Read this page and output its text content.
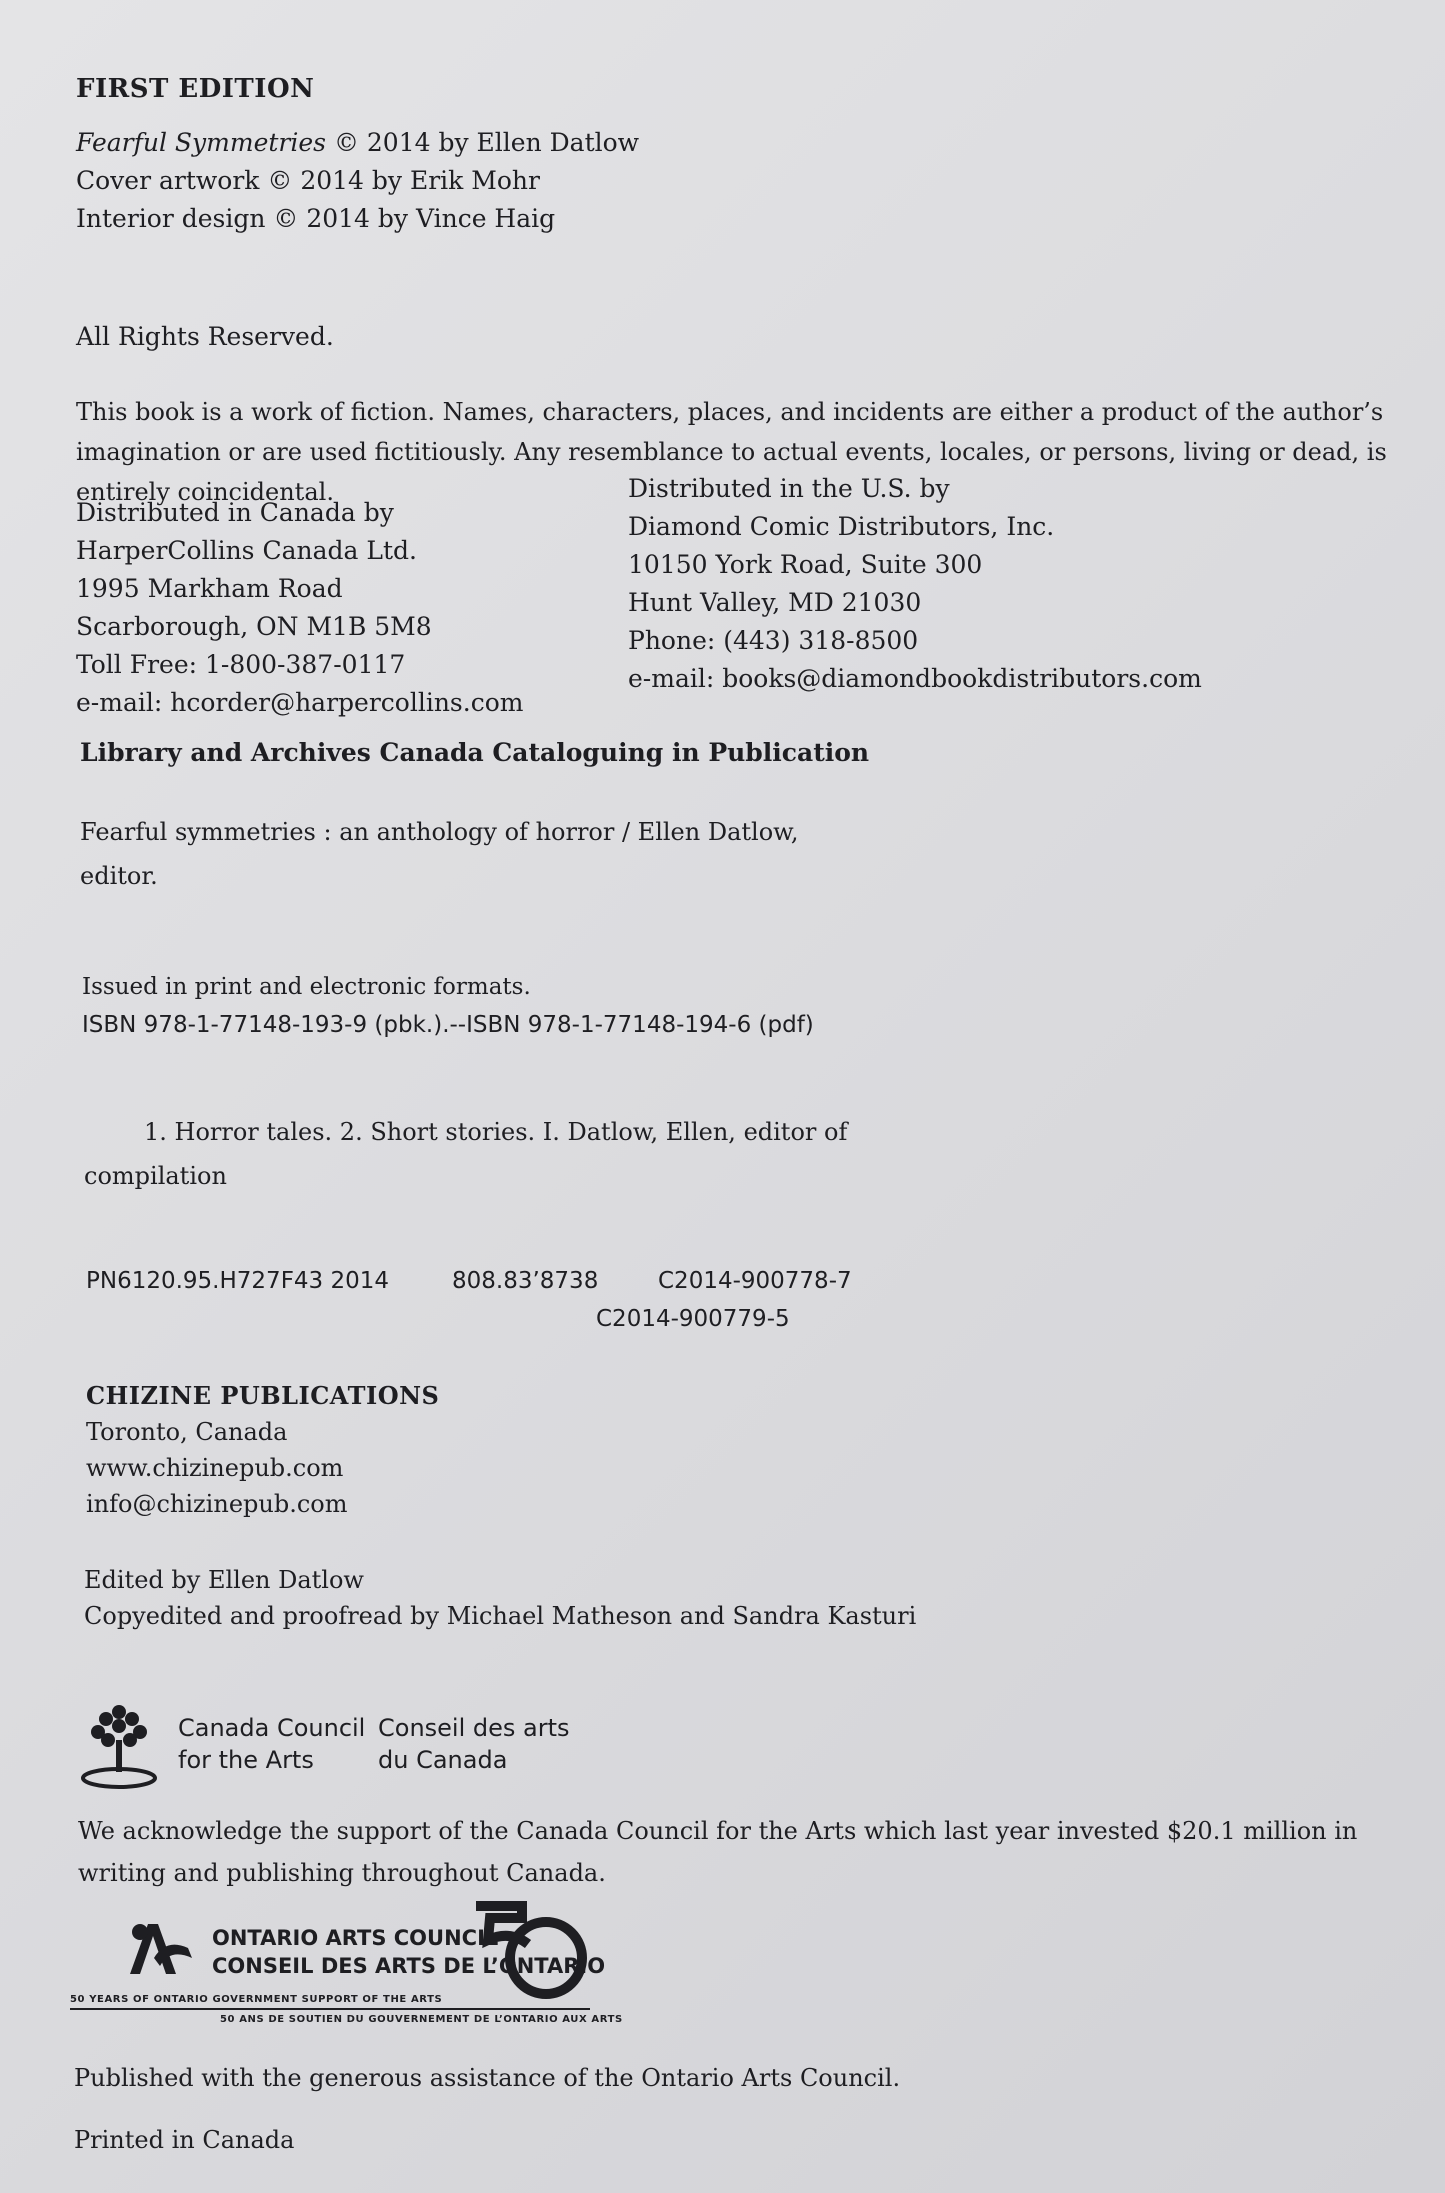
FIRST EDITION
Fearful Symmetries © 2014 by Ellen Datlow
Cover artwork © 2014 by Erik Mohr
Interior design © 2014 by Vince Haig
All Rights Reserved.
This book is a work of fiction. Names, characters, places, and incidents are either a product of the author’s imagination or are used fictitiously. Any resemblance to actual events, locales, or persons, living or dead, is entirely coincidental.
Distributed in Canada by
HarperCollins Canada Ltd.
1995 Markham Road
Scarborough, ON M1B 5M8
Toll Free: 1-800-387-0117
e-mail: hcorder@harpercollins.com
Distributed in the U.S. by
Diamond Comic Distributors, Inc.
10150 York Road, Suite 300
Hunt Valley, MD 21030
Phone: (443) 318-8500
e-mail: books@diamondbookdistributors.com
Library and Archives Canada Cataloguing in Publication
Fearful symmetries : an anthology of horror / Ellen Datlow,
editor.
Issued in print and electronic formats.
ISBN 978-1-77148-193-9 (pbk.).--ISBN 978-1-77148-194-6 (pdf)
1. Horror tales. 2. Short stories. I. Datlow, Ellen, editor of
compilation
PN6120.95.H727F43 2014	808.83’8738	C2014-900778-7
C2014-900779-5
CHIZINE PUBLICATIONS
Toronto, Canada
www.chizinepub.com
info@chizinepub.com
Edited by Ellen Datlow
Copyedited and proofread by Michael Matheson and Sandra Kasturi
Canada Council
for the Arts
Conseil des arts
du Canada
We acknowledge the support of the Canada Council for the Arts which last year invested $20.1 million in writing and publishing throughout Canada.
ONTARIO ARTS COUNCIL
CONSEIL DES ARTS DE L’ONTARIO
50 YEARS OF ONTARIO GOVERNMENT SUPPORT OF THE ARTS
50 ANS DE SOUTIEN DU GOUVERNEMENT DE L’ONTARIO AUX ARTS
Published with the generous assistance of the Ontario Arts Council.
Printed in Canada
